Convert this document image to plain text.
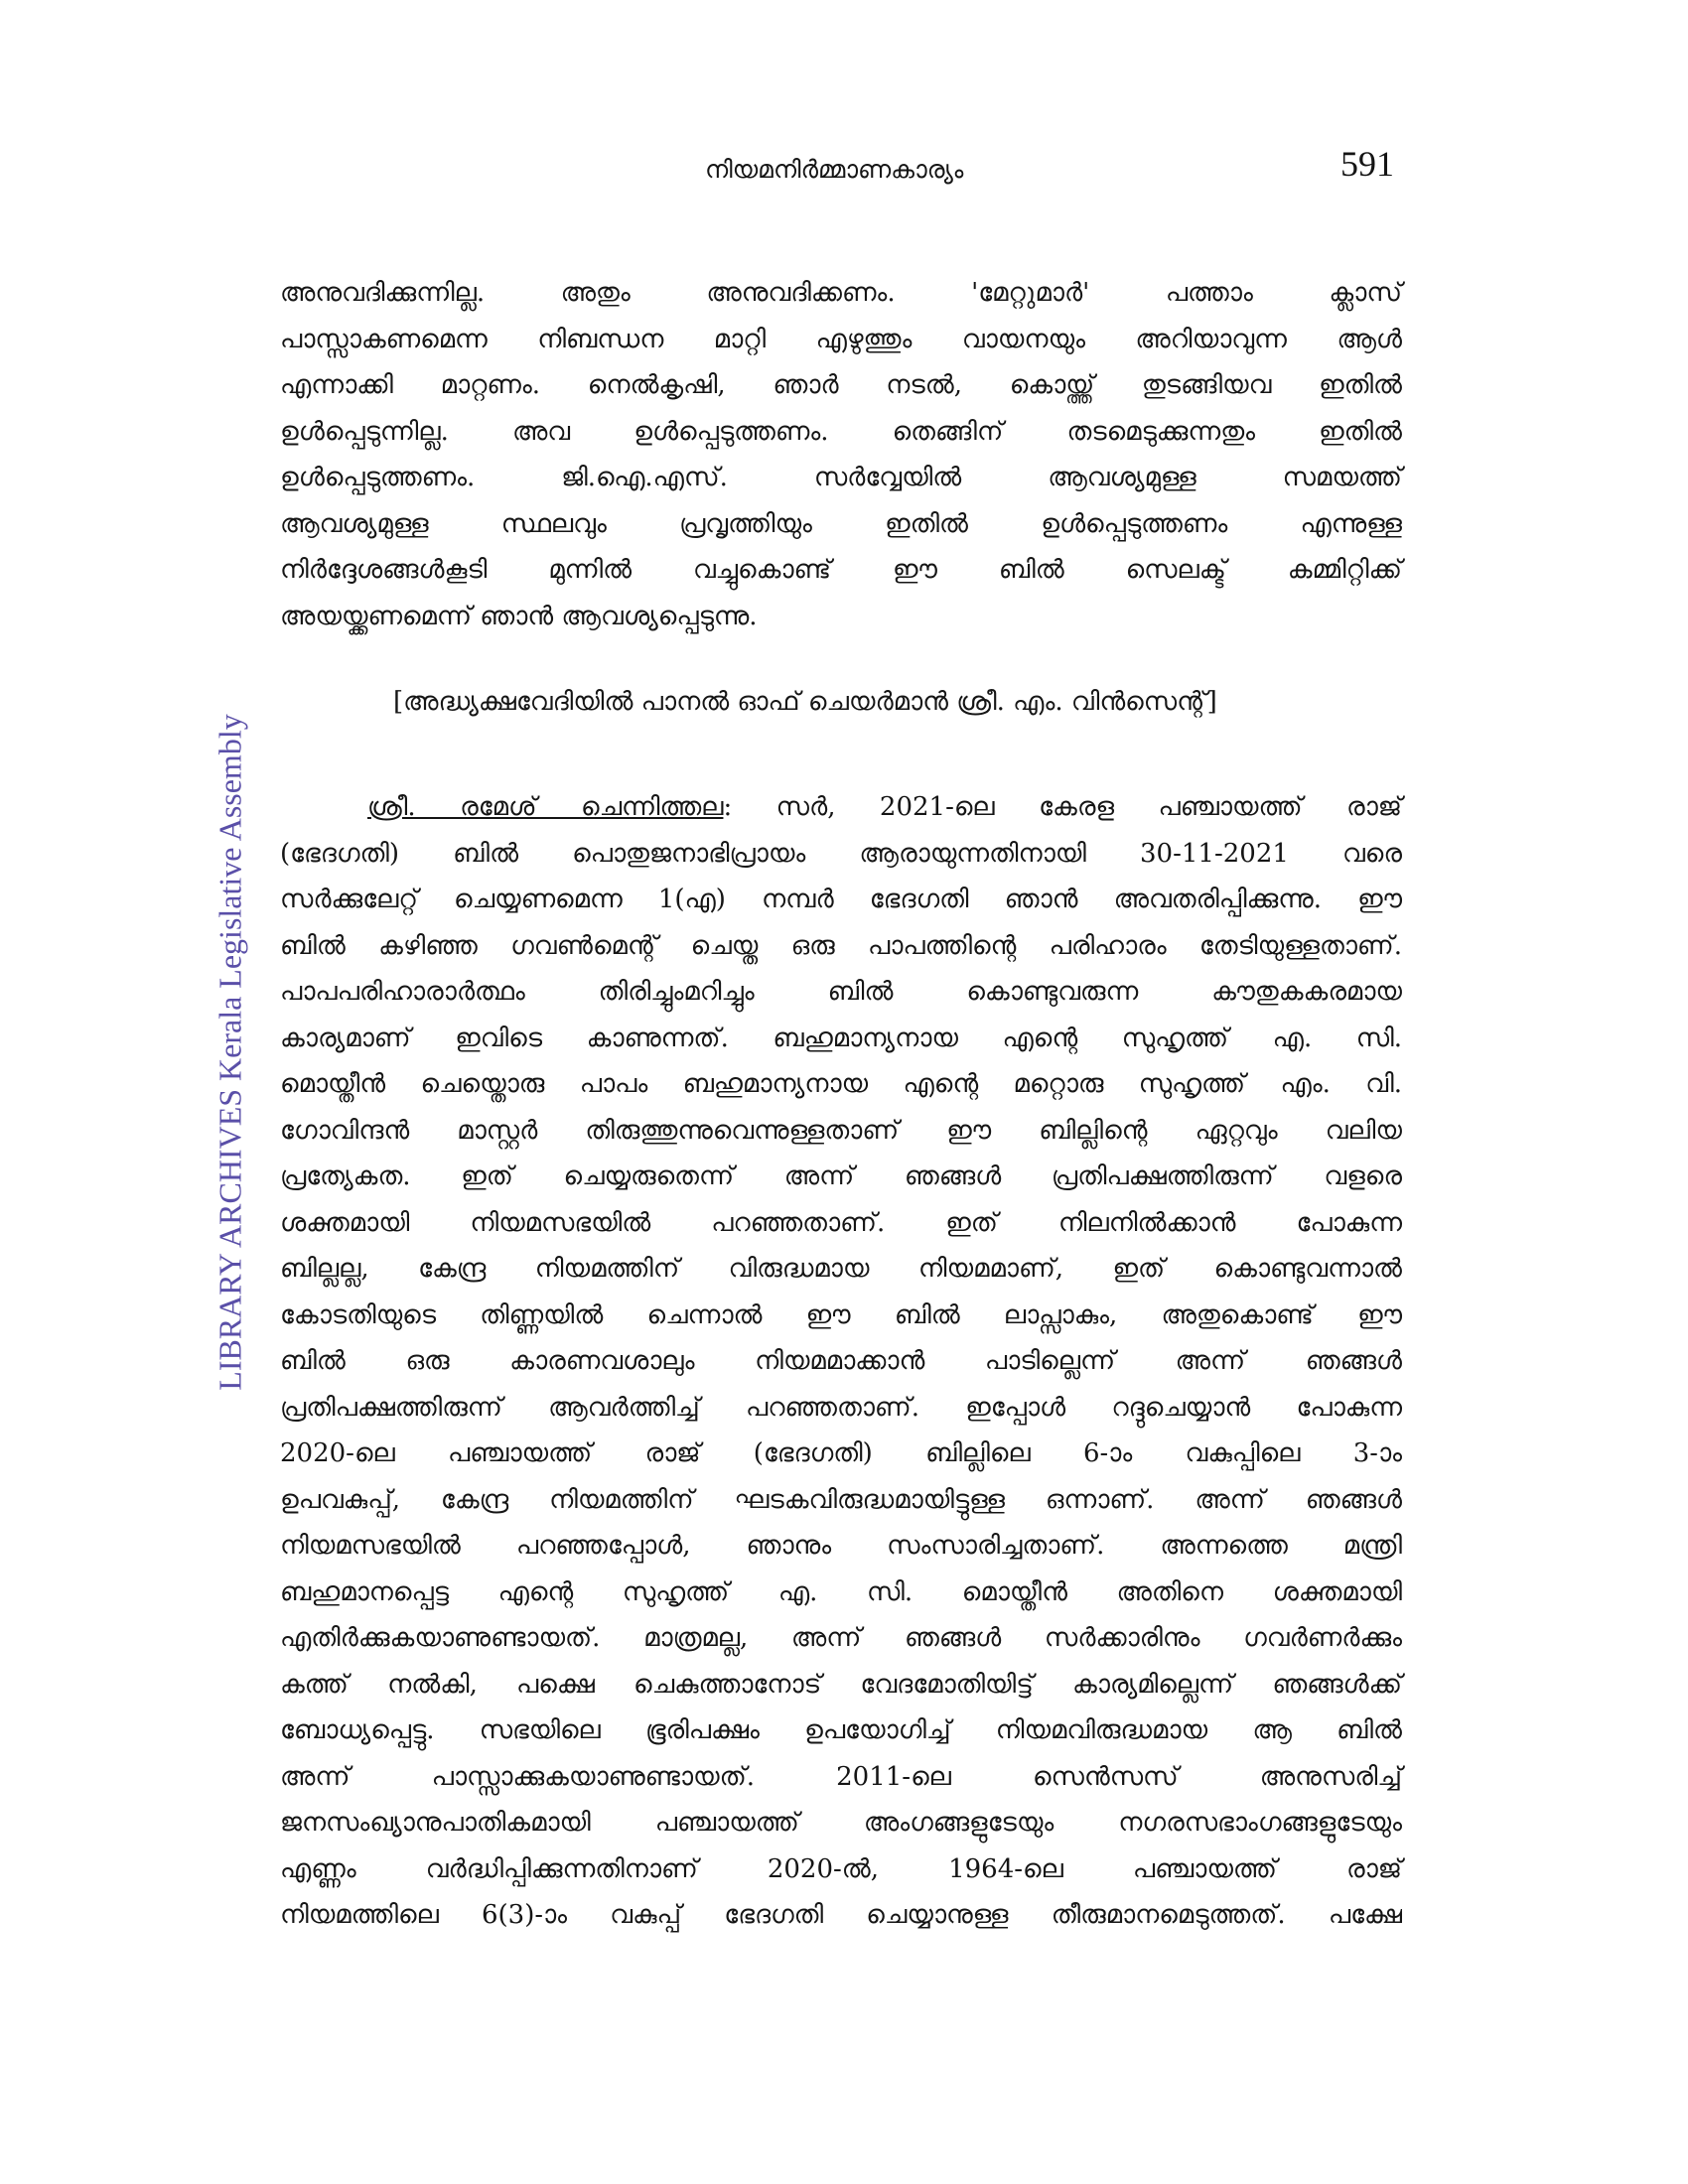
നിയമനിർമ്മാണകാര്യം	591
LIBRARY ARCHIVES Kerala Legislative Assembly
അനുവദിക്കുന്നില്ല. അതും അനുവദിക്കണം. 'മേറ്റുമാർ' പത്താം ക്ലാസ്
പാസ്സാകണമെന്ന നിബന്ധന മാറ്റി എഴുത്തും വായനയും അറിയാവുന്ന ആൾ
എന്നാക്കി മാറ്റണം. നെൽകൃഷി, ഞാർ നടൽ, കൊയ്ത്ത് തുടങ്ങിയവ ഇതിൽ
ഉൾപ്പെടുന്നില്ല. അവ ഉൾപ്പെടുത്തണം. തെങ്ങിന് തടമെടുക്കുന്നതും ഇതിൽ
ഉൾപ്പെടുത്തണം. ജി.ഐ.എസ്. സർവ്വേയിൽ ആവശ്യമുള്ള സമയത്ത്
ആവശ്യമുള്ള സ്ഥലവും പ്രവൃത്തിയും ഇതിൽ ഉൾപ്പെടുത്തണം എന്നുള്ള
നിർദ്ദേശങ്ങൾകൂടി മുന്നിൽ വച്ചുകൊണ്ട് ഈ ബിൽ സെലക്ട് കമ്മിറ്റിക്ക്
അയയ്ക്കണമെന്ന് ഞാൻ ആവശ്യപ്പെടുന്നു.
[അദ്ധ്യക്ഷവേദിയിൽ പാനൽ ഓഫ് ചെയർമാൻ ശ്രീ. എം. വിൻസെന്റ്]
ശ്രീ. രമേശ് ചെന്നിത്തല: സർ, 2021-ലെ കേരള പഞ്ചായത്ത് രാജ്
(ഭേദഗതി) ബിൽ പൊതുജനാഭിപ്രായം ആരായുന്നതിനായി 30-11-2021 വരെ
സർക്കുലേറ്റ് ചെയ്യണമെന്ന 1(എ) നമ്പർ ഭേദഗതി ഞാൻ അവതരിപ്പിക്കുന്നു. ഈ
ബിൽ കഴിഞ്ഞ ഗവൺമെന്റ് ചെയ്ത ഒരു പാപത്തിന്റെ പരിഹാരം തേടിയുള്ളതാണ്.
പാപപരിഹാരാർത്ഥം തിരിച്ചുംമറിച്ചും ബിൽ കൊണ്ടുവരുന്ന കൗതുകകരമായ
കാര്യമാണ് ഇവിടെ കാണുന്നത്. ബഹുമാന്യനായ എന്റെ സുഹൃത്ത് എ. സി.
മൊയ്തീൻ ചെയ്തൊരു പാപം ബഹുമാന്യനായ എന്റെ മറ്റൊരു സുഹൃത്ത് എം. വി.
ഗോവിന്ദൻ മാസ്റ്റർ തിരുത്തുന്നുവെന്നുള്ളതാണ് ഈ ബില്ലിന്റെ ഏറ്റവും വലിയ
പ്രത്യേകത. ഇത് ചെയ്യരുതെന്ന് അന്ന് ഞങ്ങൾ പ്രതിപക്ഷത്തിരുന്ന് വളരെ
ശക്തമായി നിയമസഭയിൽ പറഞ്ഞതാണ്. ഇത് നിലനിൽക്കാൻ പോകുന്ന
ബില്ലല്ല, കേന്ദ്ര നിയമത്തിന് വിരുദ്ധമായ നിയമമാണ്, ഇത് കൊണ്ടുവന്നാൽ
കോടതിയുടെ തിണ്ണയിൽ ചെന്നാൽ ഈ ബിൽ ലാപ്സാകും, അതുകൊണ്ട് ഈ
ബിൽ ഒരു കാരണവശാലും നിയമമാക്കാൻ പാടില്ലെന്ന് അന്ന് ഞങ്ങൾ
പ്രതിപക്ഷത്തിരുന്ന് ആവർത്തിച്ച് പറഞ്ഞതാണ്. ഇപ്പോൾ റദ്ദുചെയ്യാൻ പോകുന്ന
2020-ലെ പഞ്ചായത്ത് രാജ് (ഭേദഗതി) ബില്ലിലെ 6-ാം വകുപ്പിലെ 3-ാം
ഉപവകുപ്പ്, കേന്ദ്ര നിയമത്തിന് ഘടകവിരുദ്ധമായിട്ടുള്ള ഒന്നാണ്. അന്ന് ഞങ്ങൾ
നിയമസഭയിൽ പറഞ്ഞപ്പോൾ, ഞാനും സംസാരിച്ചതാണ്. അന്നത്തെ മന്ത്രി
ബഹുമാനപ്പെട്ട എന്റെ സുഹൃത്ത് എ. സി. മൊയ്തീൻ അതിനെ ശക്തമായി
എതിർക്കുകയാണുണ്ടായത്. മാത്രമല്ല, അന്ന് ഞങ്ങൾ സർക്കാരിനും ഗവർണർക്കും
കത്ത് നൽകി, പക്ഷെ ചെകുത്താനോട് വേദമോതിയിട്ട് കാര്യമില്ലെന്ന് ഞങ്ങൾക്ക്
ബോധ്യപ്പെട്ടു. സഭയിലെ ഭൂരിപക്ഷം ഉപയോഗിച്ച് നിയമവിരുദ്ധമായ ആ ബിൽ
അന്ന് പാസ്സാക്കുകയാണുണ്ടായത്. 2011-ലെ സെൻസസ് അനുസരിച്ച്
ജനസംഖ്യാനുപാതികമായി പഞ്ചായത്ത് അംഗങ്ങളുടേയും നഗരസഭാംഗങ്ങളുടേയും
എണ്ണം വർദ്ധിപ്പിക്കുന്നതിനാണ് 2020-ൽ, 1964-ലെ പഞ്ചായത്ത് രാജ്
നിയമത്തിലെ 6(3)-ാം വകുപ്പ് ഭേദഗതി ചെയ്യാനുള്ള തീരുമാനമെടുത്തത്. പക്ഷേ
